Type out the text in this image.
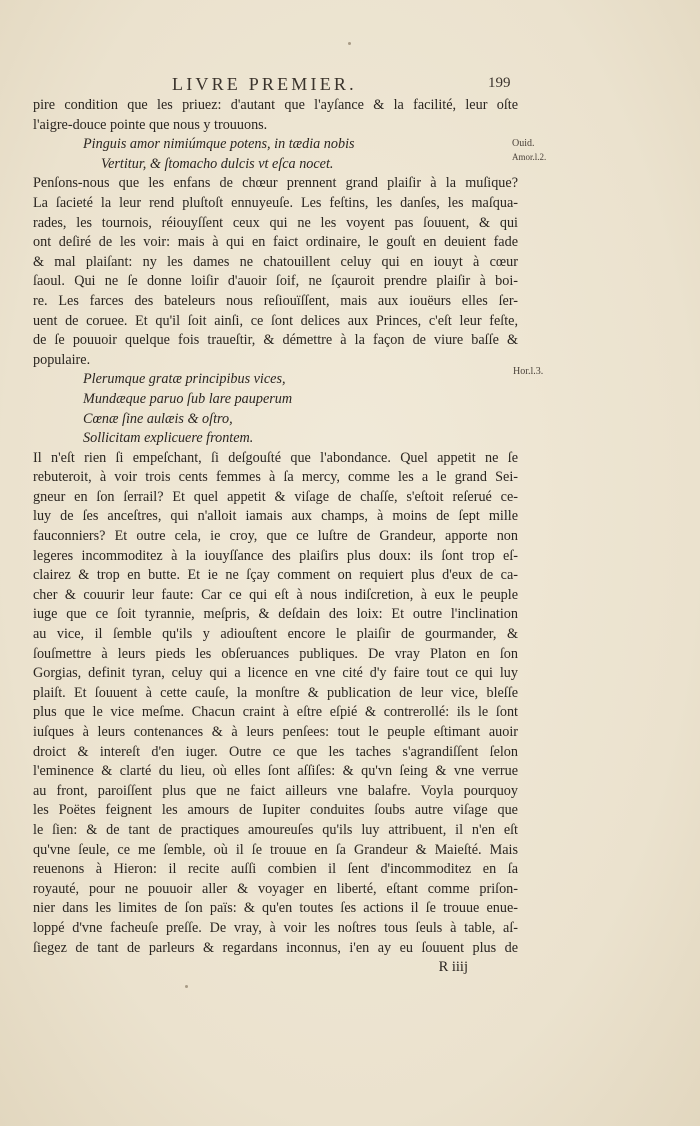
LIVRE PREMIER.	199
pire condition que les priuez: d'autant que l'ayſance & la facilité, leur oſte
l'aigre-douce pointe que nous y trouuons.
Pinguis amor nimiúmque potens, in tædia nobis
Vertitur, & ſtomacho dulcis vt eſca nocet.
Penſons-nous que les enfans de chœur prennent grand plaiſir à la muſique?
La ſacieté la leur rend pluſtoſt ennuyeuſe. Les feſtins, les danſes, les maſqua-
rades, les tournois, réiouyſſent ceux qui ne les voyent pas ſouuent, & qui
ont deſiré de les voir: mais à qui en faict ordinaire, le gouſt en deuient fade
& mal plaiſant: ny les dames ne chatouillent celuy qui en iouyt à cœur
ſaoul. Qui ne ſe donne loiſir d'auoir ſoif, ne ſçauroit prendre plaiſir à boi-
re. Les farces des bateleurs nous reſiouïſſent, mais aux iouëurs elles ſer-
uent de coruee. Et qu'il ſoit ainſi, ce ſont delices aux Princes, c'eſt leur feſte,
de ſe pouuoir quelque fois traueſtir, & démettre à la façon de viure baſſe &
populaire.
Plerumque gratæ principibus vices,
Mundæque paruo ſub lare pauperum
Cœnæ ſine aulæis & oſtro,
Sollicitam explicuere frontem.
Il n'eſt rien ſi empeſchant, ſi deſgouſté que l'abondance. Quel appetit ne ſe
rebuteroit, à voir trois cents femmes à ſa mercy, comme les a le grand Sei-
gneur en ſon ſerrail? Et quel appetit & viſage de chaſſe, s'eſtoit reſerué ce-
luy de ſes anceſtres, qui n'alloit iamais aux champs, à moins de ſept mille
fauconniers? Et outre cela, ie croy, que ce luſtre de Grandeur, apporte non
legeres incommoditez à la iouyſſance des plaiſirs plus doux: ils ſont trop eſ-
clairez & trop en butte. Et ie ne ſçay comment on requiert plus d'eux de ca-
cher & couurir leur faute: Car ce qui eſt à nous indiſcretion, à eux le peuple
iuge que ce ſoit tyrannie, meſpris, & deſdain des loix: Et outre l'inclination
au vice, il ſemble qu'ils y adiouſtent encore le plaiſir de gourmander, &
ſouſmettre à leurs pieds les obſeruances publiques. De vray Platon en ſon
Gorgias, definit tyran, celuy qui a licence en vne cité d'y faire tout ce qui luy
plaiſt. Et ſouuent à cette cauſe, la monſtre & publication de leur vice, bleſſe
plus que le vice meſme. Chacun craint à eſtre eſpié & contrerollé: ils le ſont
iuſques à leurs contenances & à leurs penſees: tout le peuple eſtimant auoir
droict & intereſt d'en iuger. Outre ce que les taches s'agrandiſſent ſelon
l'eminence & clarté du lieu, où elles ſont aſſiſes: & qu'vn ſeing & vne verrue
au front, paroiſſent plus que ne faict ailleurs vne balafre. Voyla pourquoy
les Poëtes feignent les amours de Iupiter conduites ſoubs autre viſage que
le ſien: & de tant de practiques amoureuſes qu'ils luy attribuent, il n'en eſt
qu'vne ſeule, ce me ſemble, où il ſe trouue en ſa Grandeur & Maieſté. Mais
reuenons à Hieron: il recite auſſi combien il ſent d'incommoditez en ſa
royauté, pour ne pouuoir aller & voyager en liberté, eſtant comme priſon-
nier dans les limites de ſon païs: & qu'en toutes ſes actions il ſe trouue enue-
loppé d'vne facheuſe preſſe. De vray, à voir les noſtres tous ſeuls à table, aſ-
ſiegez de tant de parleurs & regardans inconnus, i'en ay eu ſouuent plus de
R iiij
Ouid.
Amor.l.2.
Hor.l.3.
